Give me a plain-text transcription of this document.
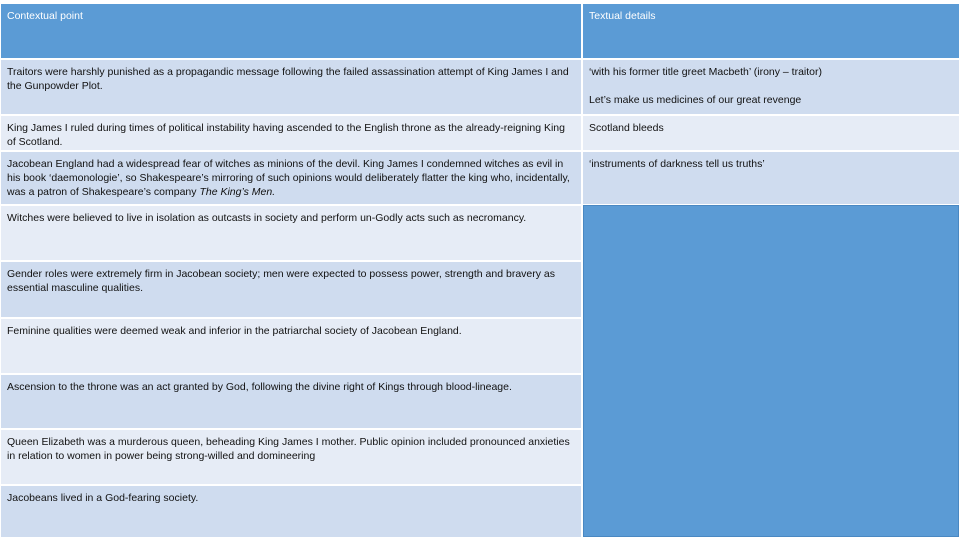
Contextual point	Textual details
Traitors were harshly punished as a propagandic message following the failed assassination attempt of King James I and the Gunpowder Plot.
‘with his former title greet Macbeth’ (irony – traitor)
Let’s make us medicines of our great revenge
King James I ruled during times of political instability having ascended to the English throne as the already-reigning King of Scotland.
Scotland bleeds
Jacobean England had a widespread fear of witches as minions of the devil. King James I condemned witches as evil in his book ‘daemonologie’, so Shakespeare’s mirroring of such opinions would deliberately flatter the king who, incidentally, was a patron of Shakespeare’s company The King’s Men.
‘instruments of darkness tell us truths’
Witches were believed to live in isolation as outcasts in society and perform un-Godly acts such as necromancy.
Gender roles were extremely firm in Jacobean society; men were expected to possess power, strength and bravery as essential masculine qualities.
Feminine qualities were deemed weak and inferior in the patriarchal society of Jacobean England.
Ascension to the throne was an act granted by God, following the divine right of Kings through blood-lineage.
Queen Elizabeth was a murderous queen, beheading King James I mother. Public opinion included pronounced anxieties in relation to women in power being strong-willed and domineering
Jacobeans lived in a God-fearing society.
